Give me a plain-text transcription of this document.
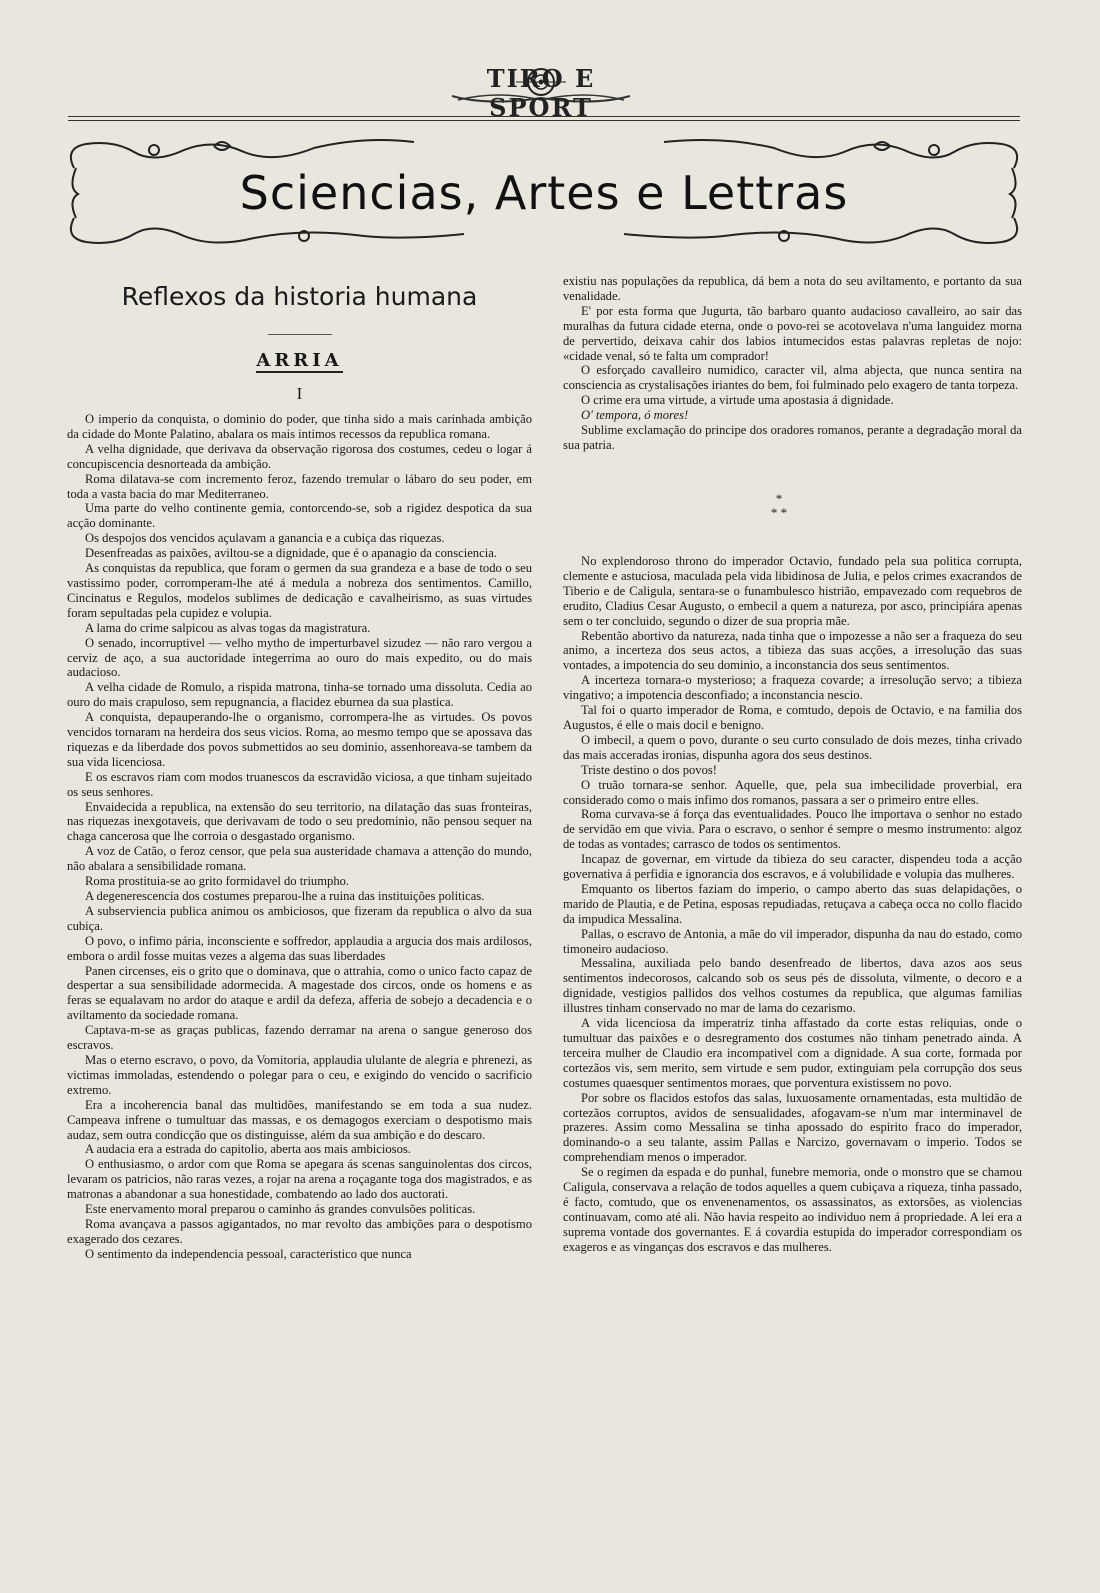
TIRO E SPORT
Sciencias, Artes e Lettras
Reflexos da historia humana
ARRIA
I

O imperio da conquista, o dominio do poder, que tinha sido a mais carinhada ambição da cidade do Monte Palatino, abalara os mais intimos recessos da republica romana.

A velha dignidade, que derivava da observação rigorosa dos costumes, cedeu o logar á concupiscencia desnorteada da ambição.

Roma dilatava-se com incremento feroz, fazendo tremular o lábaro do seu poder, em toda a vasta bacia do mar Mediterraneo.

Uma parte do velho continente gemia, contorcendo-se, sob a rigidez despotica da sua acção dominante.

Os despojos dos vencidos açulavam a ganancia e a cubiça das riquezas.

Desenfreadas as paixões, aviltou-se a dignidade, que é o apanagio da consciencia.

As conquistas da republica, que foram o germen da sua grandeza e a base de todo o seu vastissimo poder, corromperam-lhe até á medula a nobreza dos sentimentos. Camillo, Cincinatus e Regulos, modelos sublimes de dedicação e cavalheirismo, as suas virtudes foram sepultadas pela cupidez e volupia.

A lama do crime salpicou as alvas togas da magistratura.

O senado, incorruptivel — velho mytho de imperturbavel sizudez — não raro vergou a cerviz de aço, a sua auctoridade integerrima ao ouro do mais expedito, ou do mais audacioso.

A velha cidade de Romulo, a rispida matrona, tinha-se tornado uma dissoluta. Cedia ao ouro do mais crapuloso, sem repugnancia, a flacidez eburnea da sua plastica.

A conquista, depauperando-lhe o organismo, corrompera-lhe as virtudes. Os povos vencidos tornaram na herdeira dos seus vicios. Roma, ao mesmo tempo que se apossava das riquezas e da liberdade dos povos submettidos ao seu dominio, assenhoreava-se tambem da sua vida licenciosa.

E os escravos riam com modos truanescos da escravidão viciosa, a que tinham sujeitado os seus senhores.

Envaidecida a republica, na extensão do seu territorio, na dilatação das suas fronteiras, nas riquezas inexgotaveis, que derivavam de todo o seu predominio, não pensou sequer na chaga cancerosa que lhe corroia o desgastado organismo.

A voz de Catão, o feroz censor, que pela sua austeridade chamava a attenção do mundo, não abalara a sensibilidade romana.

Roma prostituia-se ao grito formidavel do triumpho.

A degenerescencia dos costumes preparou-lhe a ruina das instituições politicas.

A subserviencia publica animou os ambiciosos, que fizeram da republica o alvo da sua cubiça.

O povo, o infimo pária, inconsciente e soffredor, applaudia a argucia dos mais ardilosos, embora o ardil fosse muitas vezes a algema das suas liberdades

Panen circenses, eis o grito que o dominava, que o attrahia, como o unico facto capaz de despertar a sua sensibilidade adormecida. A magestade dos circos, onde os homens e as feras se equalavam no ardor do ataque e ardil da defeza, afferia de sobejo a decadencia e o aviltamento da sociedade romana.

Captava-m-se as graças publicas, fazendo derramar na arena o sangue generoso dos escravos.

Mas o eterno escravo, o povo, da Vomitoria, applaudia ululante de alegria e phrenezi, as victimas immoladas, estendendo o polegar para o ceu, e exigindo do vencido o sacrificio extremo.

Era a incoherencia banal das multidões, manifestando se em toda a sua nudez. Campeava infrene o tumultuar das massas, e os demagogos exerciam o despotismo mais audaz, sem outra condicção que os distinguisse, além da sua ambição e do descaro.

A audacia era a estrada do capitolio, aberta aos mais ambiciosos.

O enthusiasmo, o ardor com que Roma se apegara ás scenas sanguinolentas dos circos, levaram os patricios, não raras vezes, a rojar na arena a roçagante toga dos magistrados, e as matronas a abandonar a sua honestidade, combatendo ao lado dos auctorati.

Este enervamento moral preparou o caminho ás grandes convulsões politicas.

Roma avançava a passos agigantados, no mar revolto das ambições para o despotismo exagerado dos cezares.

O sentimento da independencia pessoal, caracteristico que nunca

existiu nas populações da republica, dá bem a nota do seu aviltamento, e portanto da sua venalidade.

E' por esta forma que Jugurta, tão barbaro quanto audacioso cavalleiro, ao sair das muralhas da futura cidade eterna, onde o povo-rei se acotovelava n'uma languidez morna de pervertido, deixava cahir dos labios intumecidos estas palavras repletas de nojo: «cidade venal, só te falta um comprador!

O esforçado cavalleiro numidico, caracter vil, alma abjecta, que nunca sentira na consciencia as crystalisações iriantes do bem, foi fulminado pelo exagero de tanta torpeza.

O crime era uma virtude, a virtude uma apostasia á dignidade.

O' tempora, ó mores!

Sublime exclamação do principe dos oradores romanos, perante a degradação moral da sua patria.

*
* *

No explendoroso throno do imperador Octavio, fundado pela sua politica corrupta, clemente e astuciosa, maculada pela vida libidinosa de Julia, e pelos crimes exacrandos de Tiberio e de Caligula, sentara-se o funambulesco histrião, empavezado com requebros de erudito, Cladius Cesar Augusto, o embecil a quem a natureza, por asco, principiára apenas sem o ter concluido, segundo o dizer de sua propria mãe.

Rebentão abortivo da natureza, nada tinha que o impozesse a não ser a fraqueza do seu animo, a incerteza dos seus actos, a tibieza das suas acções, a irresolução das suas vontades, a impotencia do seu dominio, a inconstancia dos seus sentimentos.

A incerteza tornara-o mysterioso; a fraqueza covarde; a irresolução servo; a tibieza vingativo; a impotencia desconfiado; a inconstancia nescio.

Tal foi o quarto imperador de Roma, e comtudo, depois de Octavio, e na familia dos Augustos, é elle o mais docil e benigno.

O imbecil, a quem o povo, durante o seu curto consulado de dois mezes, tinha crivado das mais acceradas ironias, dispunha agora dos seus destinos.

Triste destino o dos povos!

O truão tornara-se senhor. Aquelle, que, pela sua imbecilidade proverbial, era considerado como o mais infimo dos romanos, passara a ser o primeiro entre elles.

Roma curvava-se á força das eventualidades. Pouco lhe importava o senhor no estado de servidão em que vivia. Para o escravo, o senhor é sempre o mesmo instrumento: algoz de todas as vontades; carrasco de todos os sentimentos.

Incapaz de governar, em virtude da tibieza do seu caracter, dispendeu toda a acção governativa á perfidia e ignorancia dos escravos, e á volubilidade e volupia das mulheres.

Emquanto os libertos faziam do imperio, o campo aberto das suas delapidações, o marido de Plautia, e de Petina, esposas repudiadas, retuçava a cabeça occa no collo flacido da impudica Messalina.

Pallas, o escravo de Antonia, a mãe do vil imperador, dispunha da nau do estado, como timoneiro audacioso.

Messalina, auxiliada pelo bando desenfreado de libertos, dava azos aos seus sentimentos indecorosos, calcando sob os seus pés de dissoluta, vilmente, o decoro e a dignidade, vestigios pallidos dos velhos costumes da republica, que algumas familias illustres tinham conservado no mar de lama do cezarismo.

A vida licenciosa da imperatriz tinha affastado da corte estas reliquias, onde o tumultuar das paixões e o desregramento dos costumes não tinham penetrado ainda. A terceira mulher de Claudio era incompativel com a dignidade. A sua corte, formada por cortezãos vis, sem merito, sem virtude e sem pudor, extinguiam pela corrupção dos seus costumes quaesquer sentimentos moraes, que porventura existissem no povo.

Por sobre os flacidos estofos das salas, luxuosamente ornamentadas, esta multidão de cortezãos corruptos, avidos de sensualidades, afogavam-se n'um mar interminavel de prazeres. Assim como Messalina se tinha apossado do espirito fraco do imperador, dominando-o a seu talante, assim Pallas e Narcizo, governavam o imperio. Todos se comprehendiam menos o imperador.

Se o regimen da espada e do punhal, funebre memoria, onde o monstro que se chamou Caligula, conservava a relação de todos aquelles a quem cubiçava a riqueza, tinha passado, é facto, comtudo, que os envenenamentos, os assassinatos, as extorsões, as violencias continuavam, como até ali. Não havia respeito ao individuo nem á propriedade. A lei era a suprema vontade dos governantes. E á covardia estupida do imperador correspondiam os exageros e as vinganças dos escravos e das mulheres.
